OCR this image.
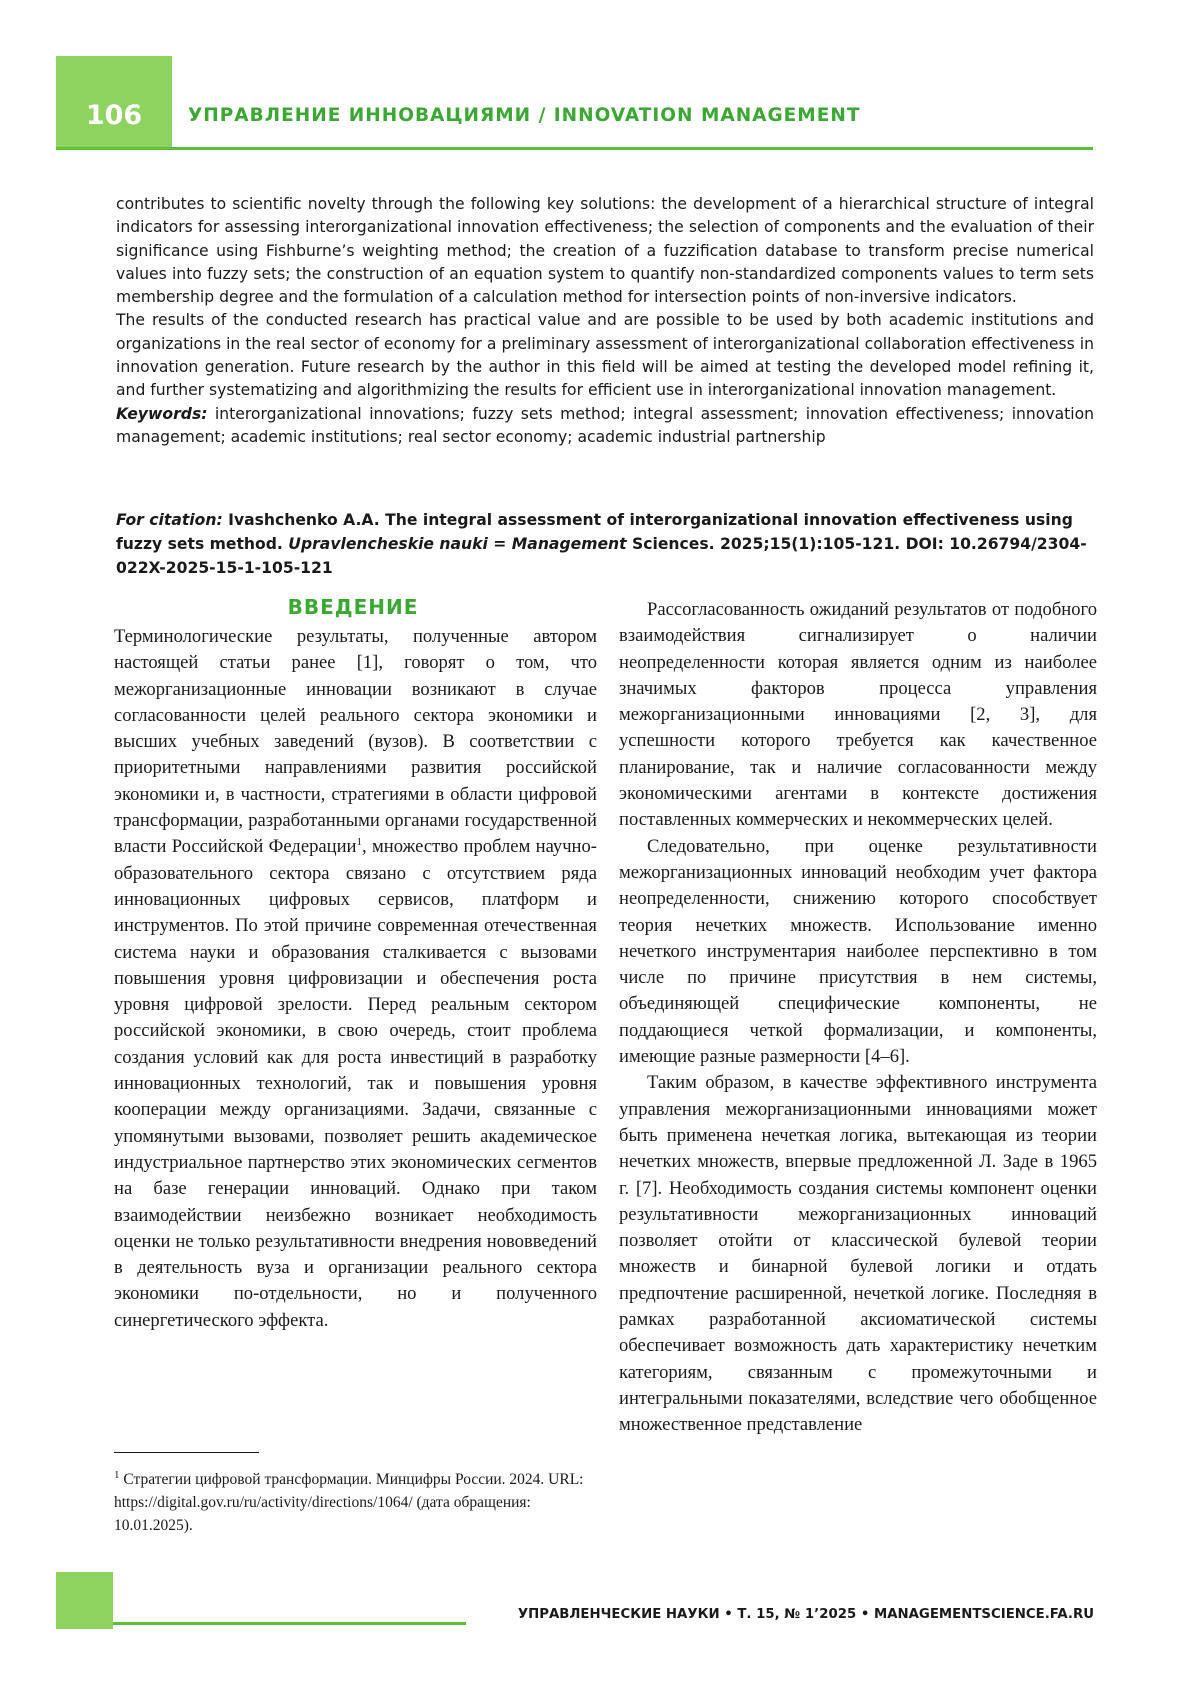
106 УПРАВЛЕНИЕ ИННОВАЦИЯМИ / INNOVATION MANAGEMENT

contributes to scientific novelty through the following key solutions: the development of a hierarchical structure of integral indicators for assessing interorganizational innovation effectiveness; the selection of components and the evaluation of their significance using Fishburne’s weighting method; the creation of a fuzzification database to transform precise numerical values into fuzzy sets; the construction of an equation system to quantify non-standardized components values to term sets membership degree and the formulation of a calculation method for intersection points of non-inversive indicators.

The results of the conducted research has practical value and are possible to be used by both academic institutions and organizations in the real sector of economy for a preliminary assessment of interorganizational collaboration effectiveness in innovation generation. Future research by the author in this field will be aimed at testing the developed model refining it, and further systematizing and algorithmizing the results for efficient use in interorganizational innovation management.

Keywords: interorganizational innovations; fuzzy sets method; integral assessment; innovation effectiveness; innovation management; academic institutions; real sector economy; academic industrial partnership

For citation: Ivashchenko A.A. The integral assessment of interorganizational innovation effectiveness using fuzzy sets method. Upravlencheskie nauki = Management Sciences. 2025;15(1):105-121. DOI: 10.26794/2304-022X-2025-15-1-105-121
ВВЕДЕНИЕ

Терминологические результаты, полученные автором настоящей статьи ранее [1], говорят о том, что межорганизационные инновации возникают в случае согласованности целей реального сектора экономики и высших учебных заведений (вузов). В соответствии с приоритетными направлениями развития российской экономики и, в частности, стратегиями в области цифровой трансформации, разработанными органами государственной власти Российской Федерации$^1$, множество проблем научно-образовательного сектора связано с отсутствием ряда инновационных цифровых сервисов, платформ и инструментов. По этой причине современная отечественная система науки и образования сталкивается с вызовами повышения уровня цифровизации и обеспечения роста уровня цифровой зрелости. Перед реальным сектором российской экономики, в свою очередь, стоит проблема создания условий как для роста инвестиций в разработку инновационных технологий, так и повышения уровня кооперации между организациями. Задачи, связанные с упомянутыми вызовами, позволяет решить академическое индустриальное партнерство этих экономических сегментов на базе генерации инноваций. Однако при таком взаимодействии неизбежно возникает необходимость оценки не только результативности внедрения нововведений в деятельность вуза и организации реального сектора экономики по-отдельности, но и полученного синергетического эффекта.

Рассогласованность ожиданий результатов от подобного взаимодействия сигнализирует о наличии неопределенности которая является одним из наиболее значимых факторов процесса управления межорганизационными инновациями [2, 3], для успешности которого требуется как качественное планирование, так и наличие согласованности между экономическими агентами в контексте достижения поставленных коммерческих и некоммерческих целей.

Следовательно, при оценке результативности межорганизационных инноваций необходим учет фактора неопределенности, снижению которого способствует теория нечетких множеств. Использование именно нечеткого инструментария наиболее перспективно в том числе по причине присутствия в нем системы, объединяющей специфические компоненты, не поддающиеся четкой формализации, и компоненты, имеющие разные размерности [4–6].

Таким образом, в качестве эффективного инструмента управления межорганизационными инновациями может быть применена нечеткая логика, вытекающая из теории нечетких множеств, впервые предложенной Л. Заде в 1965 г. [7]. Необходимость создания системы компонент оценки результативности межорганизационных инноваций позволяет отойти от классической булевой теории множеств и бинарной булевой логики и отдать предпочтение расширенной, нечеткой логике. Последняя в рамках разработанной аксиоматической системы обеспечивает возможность дать характеристику нечетким категориям, связанным с промежуточными и интегральными показателями, вследствие чего обобщенное множественное представление

$^1$ Стратегии цифровой трансформации. Минцифры России. 2024. URL: https://digital.gov.ru/ru/activity/directions/1064/ (дата обращения: 10.01.2025).
УПРАВЛЕНЧЕСКИЕ НАУКИ • Т. 15, № 1’2025 • MANAGEMENTSCIENCE.FA.RU
